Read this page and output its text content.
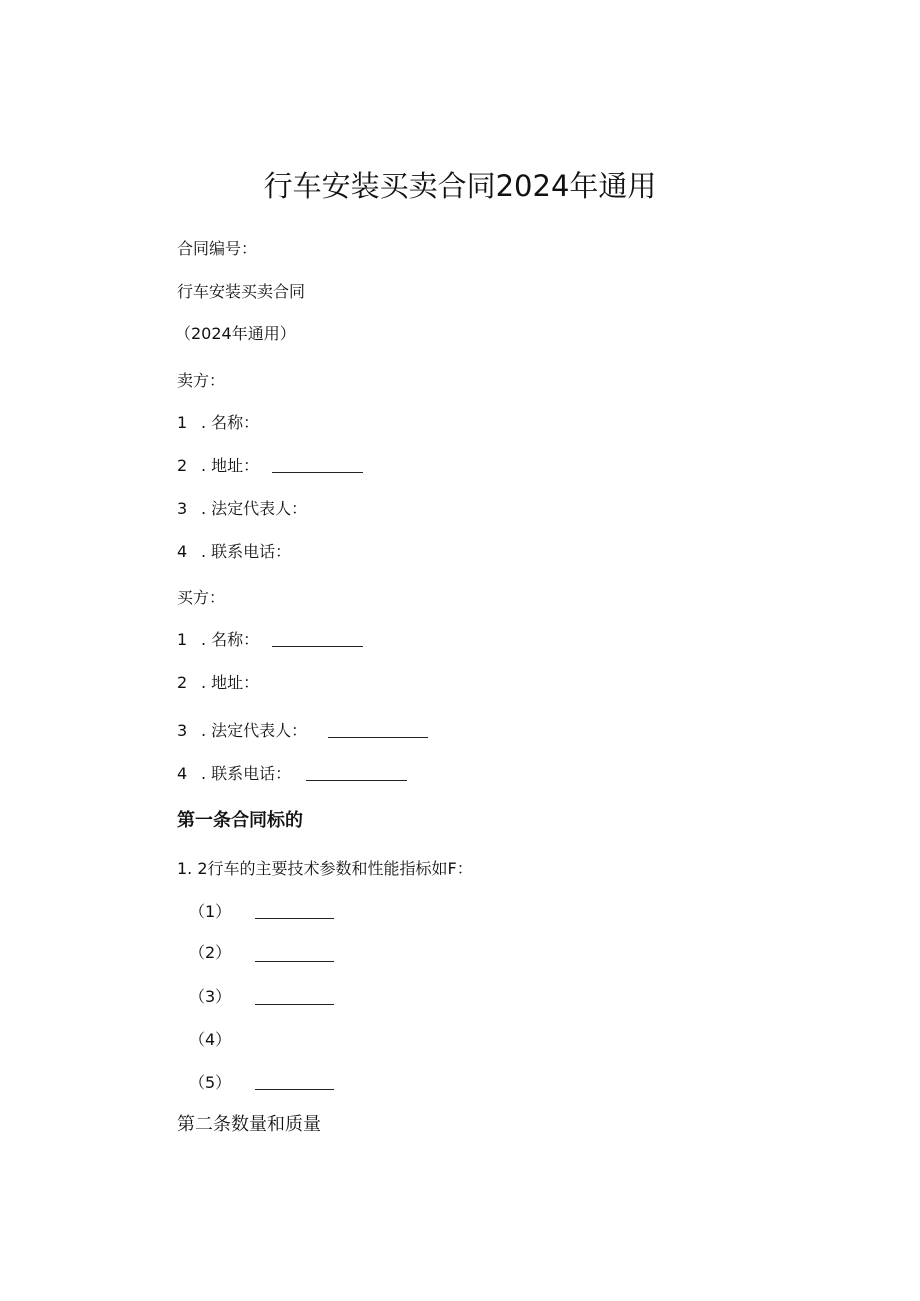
行车安装买卖合同2024年通用
合同编号：
行车安装买卖合同
（2024年通用）
卖方：
1 . 名称：
2 . 地址：
3 . 法定代表人：
4 . 联系电话：
买方：
1 . 名称：
2 . 地址：
3 . 法定代表人：
4 . 联系电话：
第一条合同标的
1. 2行车的主要技术参数和性能指标如F：
（1）
（2）
（3）
（4）
（5）
第二条数量和质量
